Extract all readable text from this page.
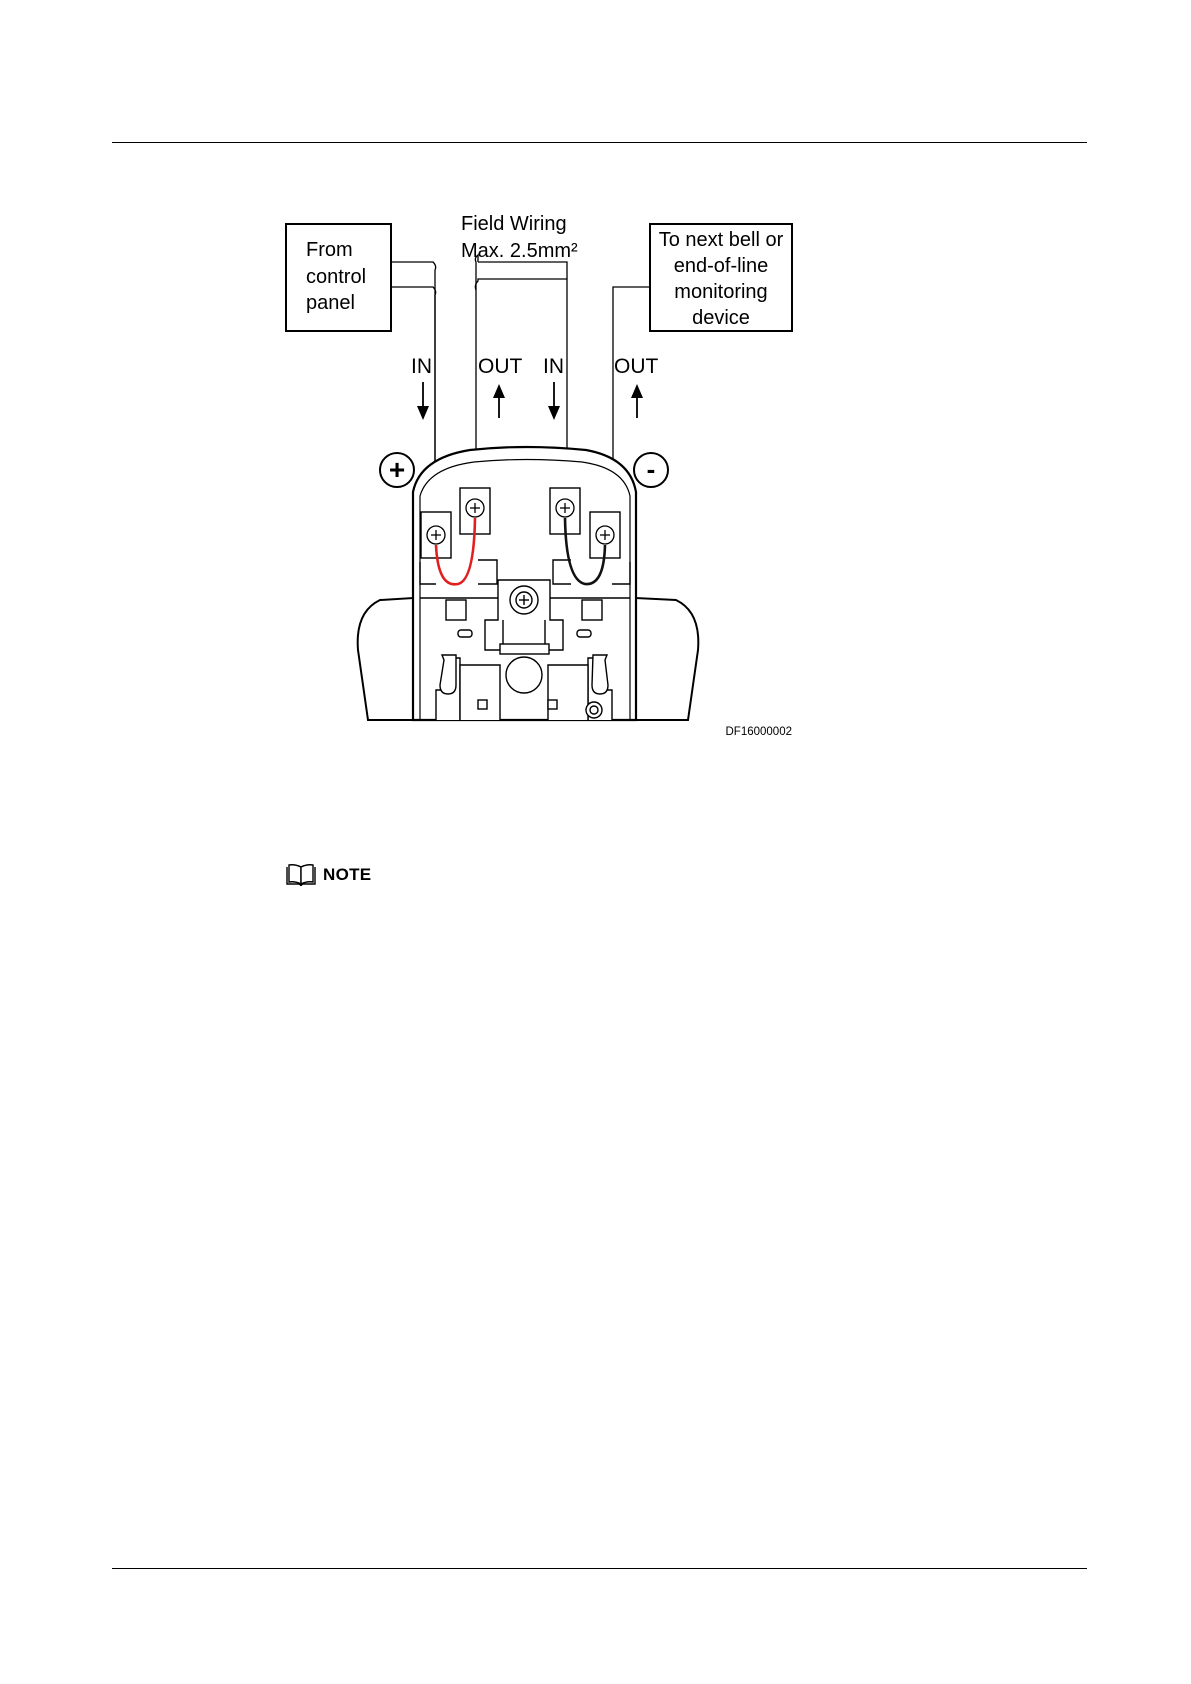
From
control
panel
Field Wiring
Max. 2.5mm²	To next bell or
end-of-line
monitoring
device
IN OUT IN OUT
+	-
DF16000002
NOTE
